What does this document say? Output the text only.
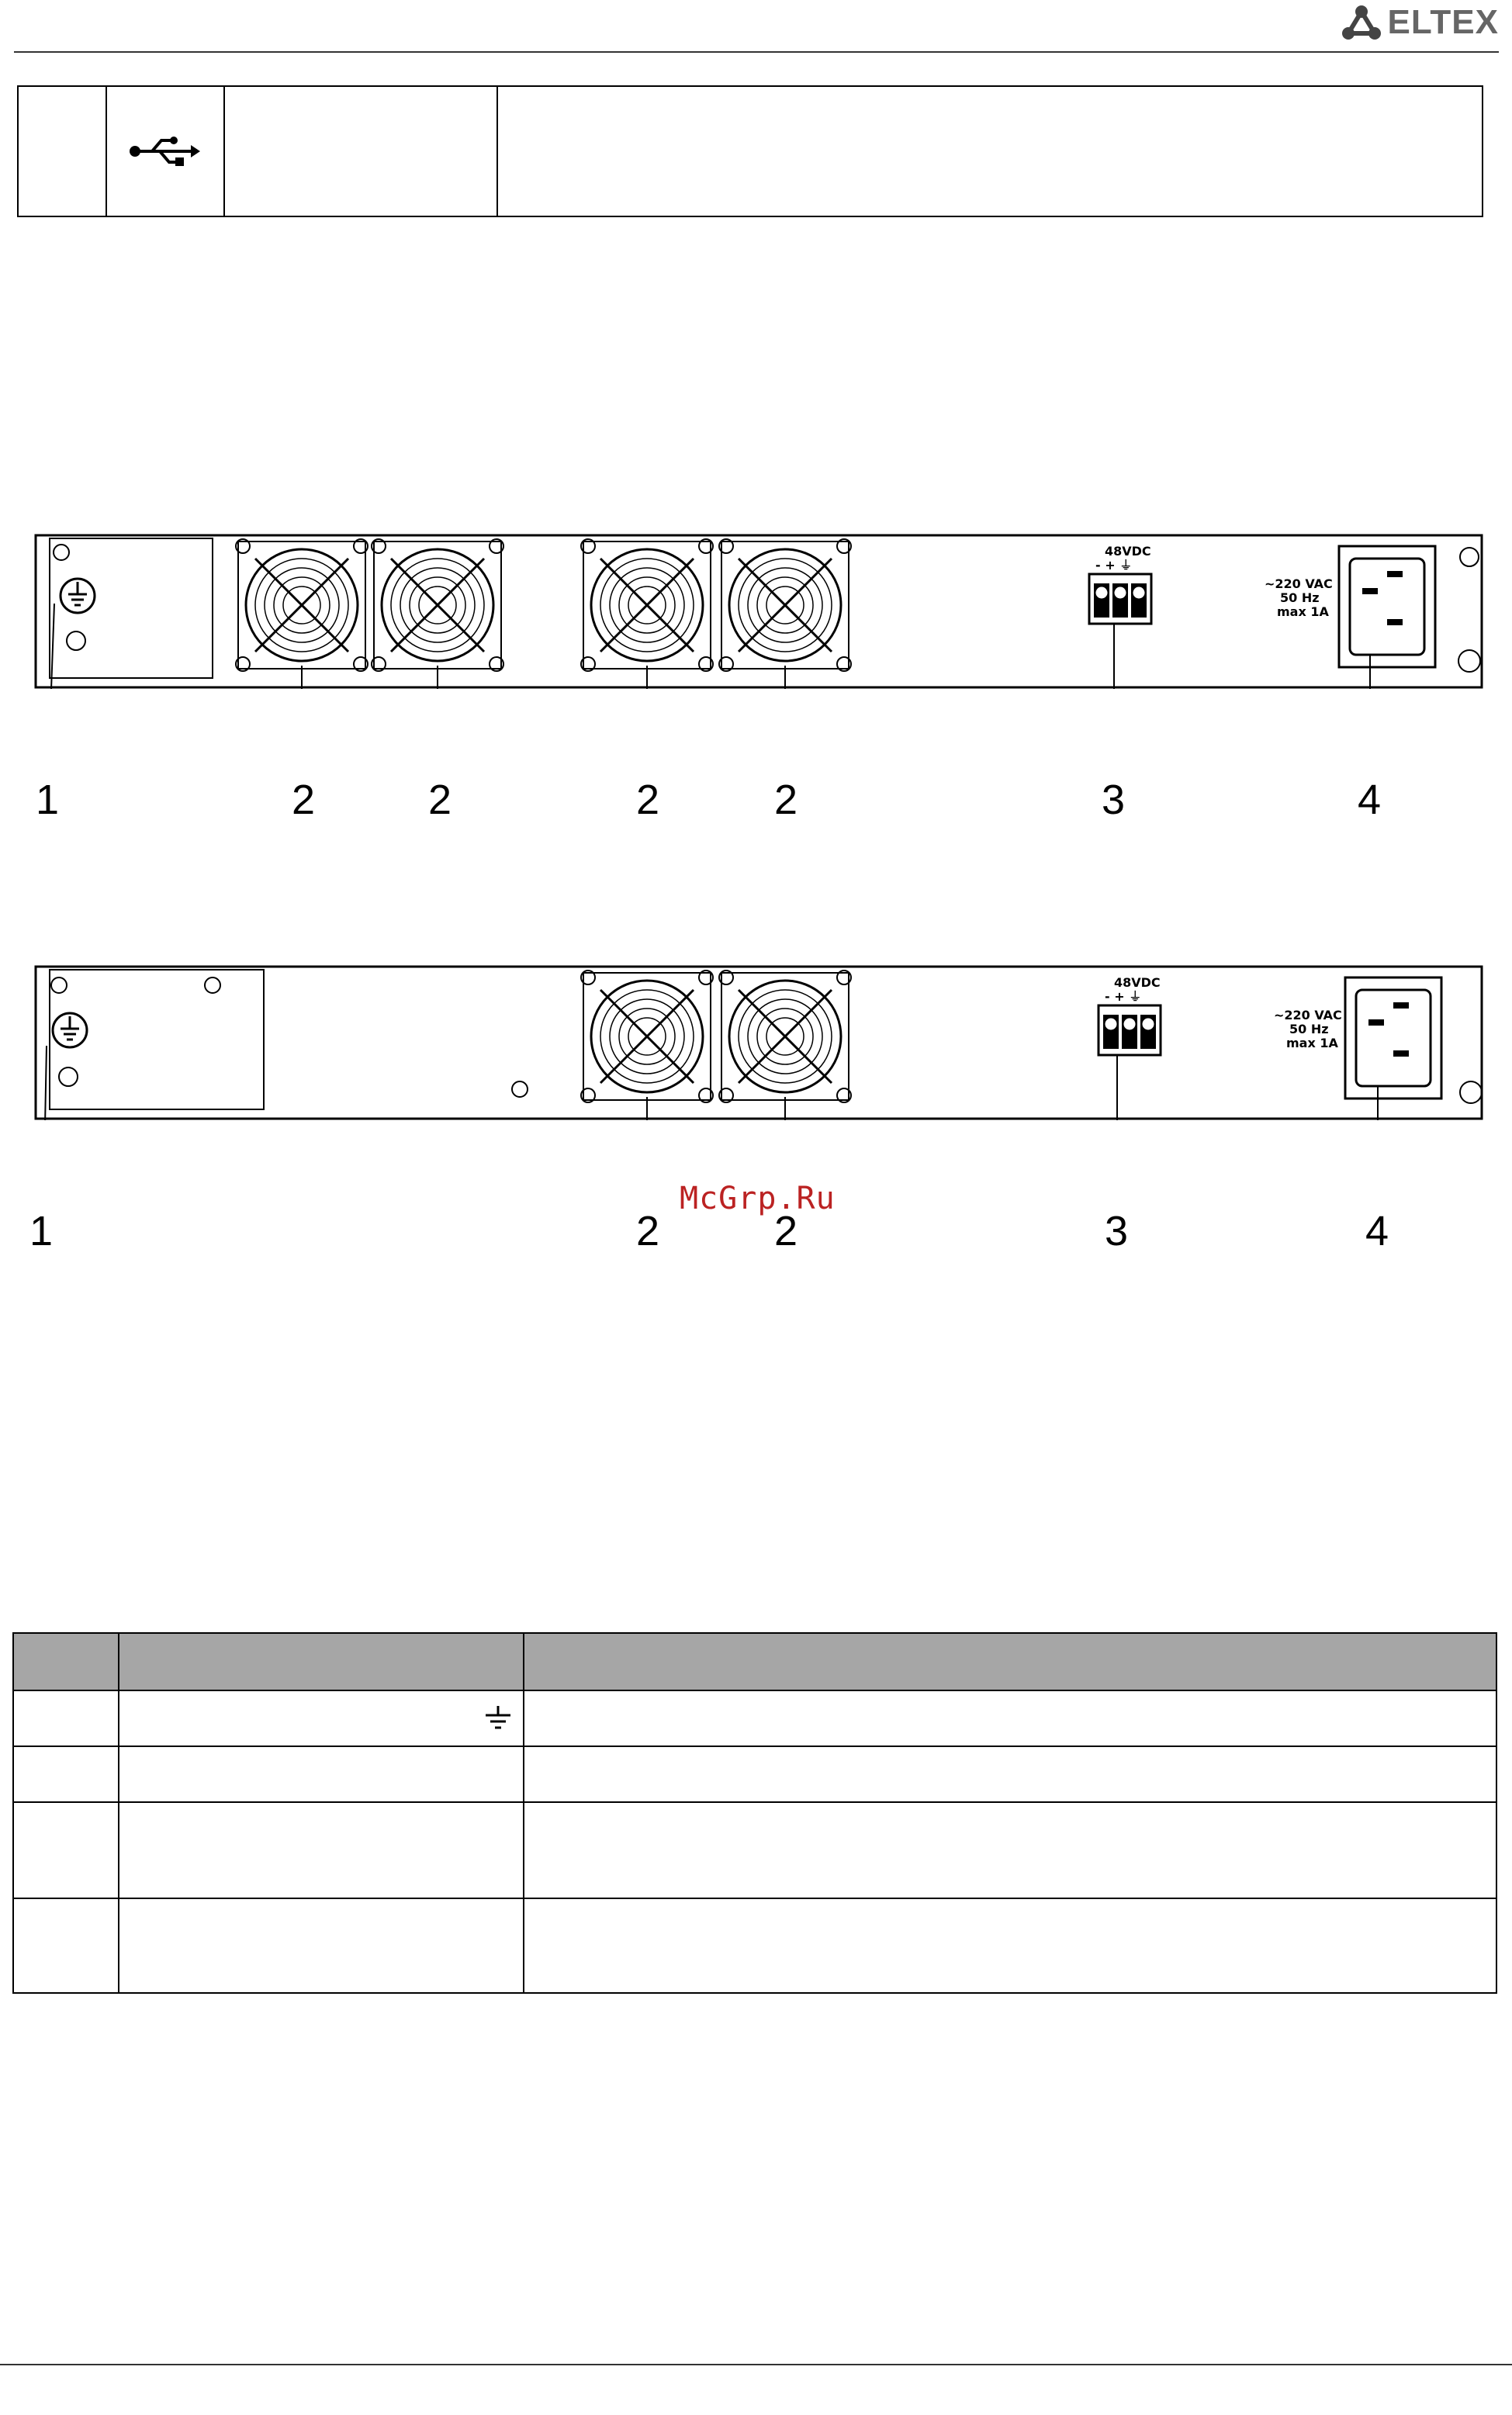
ELTEX
48VDC
- + ⏚
~220 VAC
50 Hz
max 1A
1	2	2	2	2	3	4
48VDC
- + ⏚
~220 VAC
50 Hz
max 1A
McGrp.Ru
1	2	2	3	4
